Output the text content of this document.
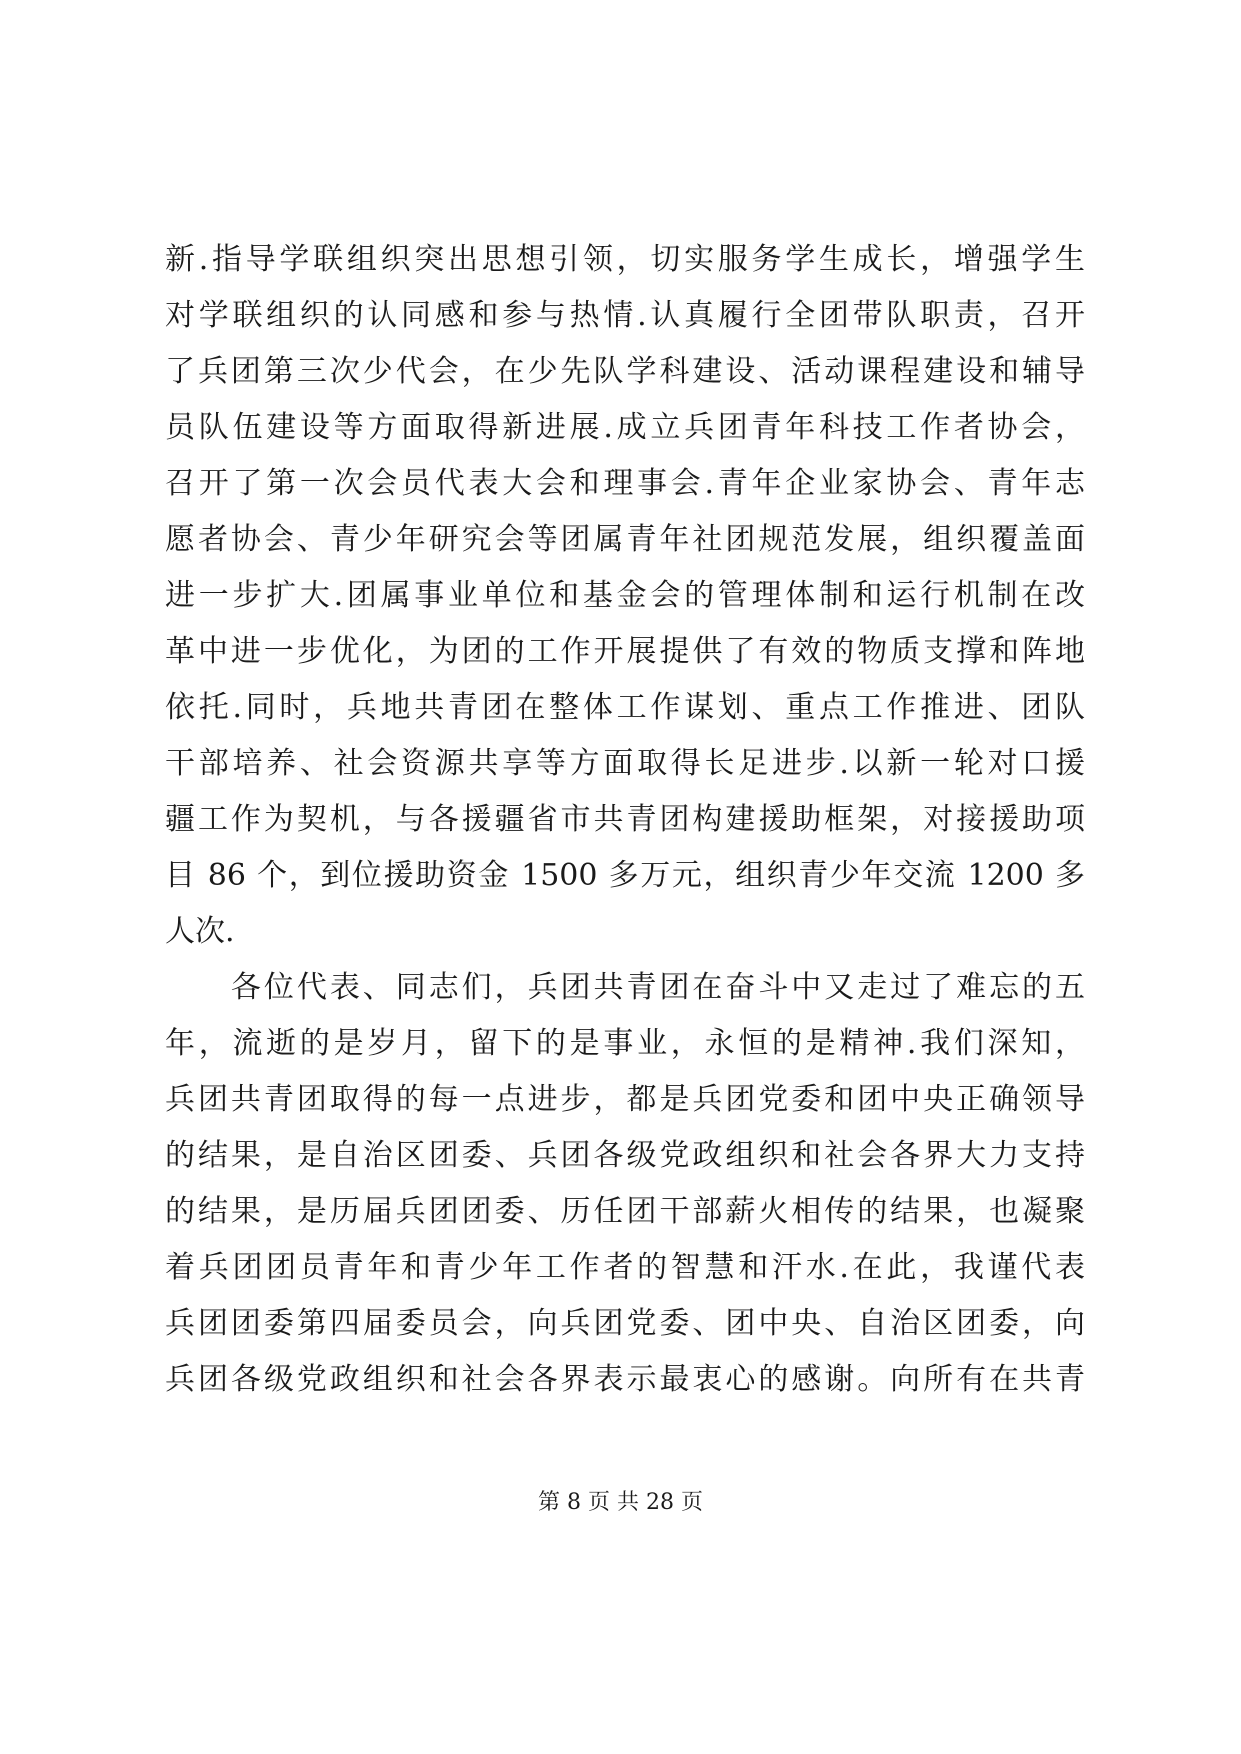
新.指导学联组织突出思想引领，切实服务学生成长，增强学生
对学联组织的认同感和参与热情.认真履行全团带队职责，召开
了兵团第三次少代会，在少先队学科建设、活动课程建设和辅导
员队伍建设等方面取得新进展.成立兵团青年科技工作者协会，
召开了第一次会员代表大会和理事会.青年企业家协会、青年志
愿者协会、青少年研究会等团属青年社团规范发展，组织覆盖面
进一步扩大.团属事业单位和基金会的管理体制和运行机制在改
革中进一步优化，为团的工作开展提供了有效的物质支撑和阵地
依托.同时，兵地共青团在整体工作谋划、重点工作推进、团队
干部培养、社会资源共享等方面取得长足进步.以新一轮对口援
疆工作为契机，与各援疆省市共青团构建援助框架，对接援助项
目 86 个，到位援助资金 1500 多万元，组织青少年交流 1200 多
人次.
　　各位代表、同志们，兵团共青团在奋斗中又走过了难忘的五
年，流逝的是岁月，留下的是事业，永恒的是精神.我们深知，
兵团共青团取得的每一点进步，都是兵团党委和团中央正确领导
的结果，是自治区团委、兵团各级党政组织和社会各界大力支持
的结果，是历届兵团团委、历任团干部薪火相传的结果，也凝聚
着兵团团员青年和青少年工作者的智慧和汗水.在此，我谨代表
兵团团委第四届委员会，向兵团党委、团中央、自治区团委，向
兵团各级党政组织和社会各界表示最衷心的感谢。向所有在共青
第 8 页 共 28 页
